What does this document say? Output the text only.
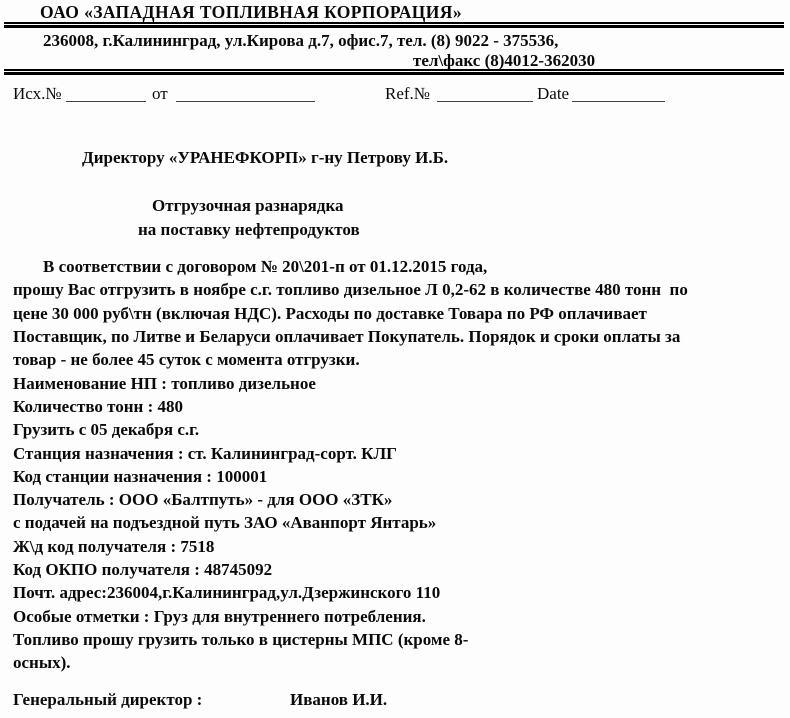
ОАО «ЗАПАДНАЯ ТОПЛИВНАЯ КОРПОРАЦИЯ»
236008, г.Калининград, ул.Кирова д.7, офис.7, тел. (8) 9022 - 375536,
тел\факс (8)4012-362030
Исх.№	от	Ref.№	Date
Директору «УРАНЕФКОРП» г-ну Петрову И.Б.
Отгрузочная разнарядка
на поставку нефтепродуктов
В соответствии с договором № 20\201-п от 01.12.2015 года,
прошу Вас отгрузить в ноябре с.г. топливо дизельное Л 0,2-62 в количестве 480 тонн  по
цене 30 000 руб\тн (включая НДС). Расходы по доставке Товара по РФ оплачивает
Поставщик, по Литве и Беларуси оплачивает Покупатель. Порядок и сроки оплаты за
товар - не более 45 суток с момента отгрузки.
Наименование НП : топливо дизельное
Количество тонн : 480
Грузить с 05 декабря с.г.
Станция назначения : ст. Калининград-сорт. КЛГ
Код станции назначения : 100001
Получатель : ООО «Балтпуть» - для ООО «ЗТК»
с подачей на подъездной путь ЗАО «Аванпорт Янтарь»
Ж\д код получателя : 7518
Код ОКПО получателя : 48745092
Почт. адрес:236004,г.Калининград,ул.Дзержинского 110
Особые отметки : Груз для внутреннего потребления.
Топливо прошу грузить только в цистерны МПС (кроме 8-
осных).
Генеральный директор :	Иванов И.И.
